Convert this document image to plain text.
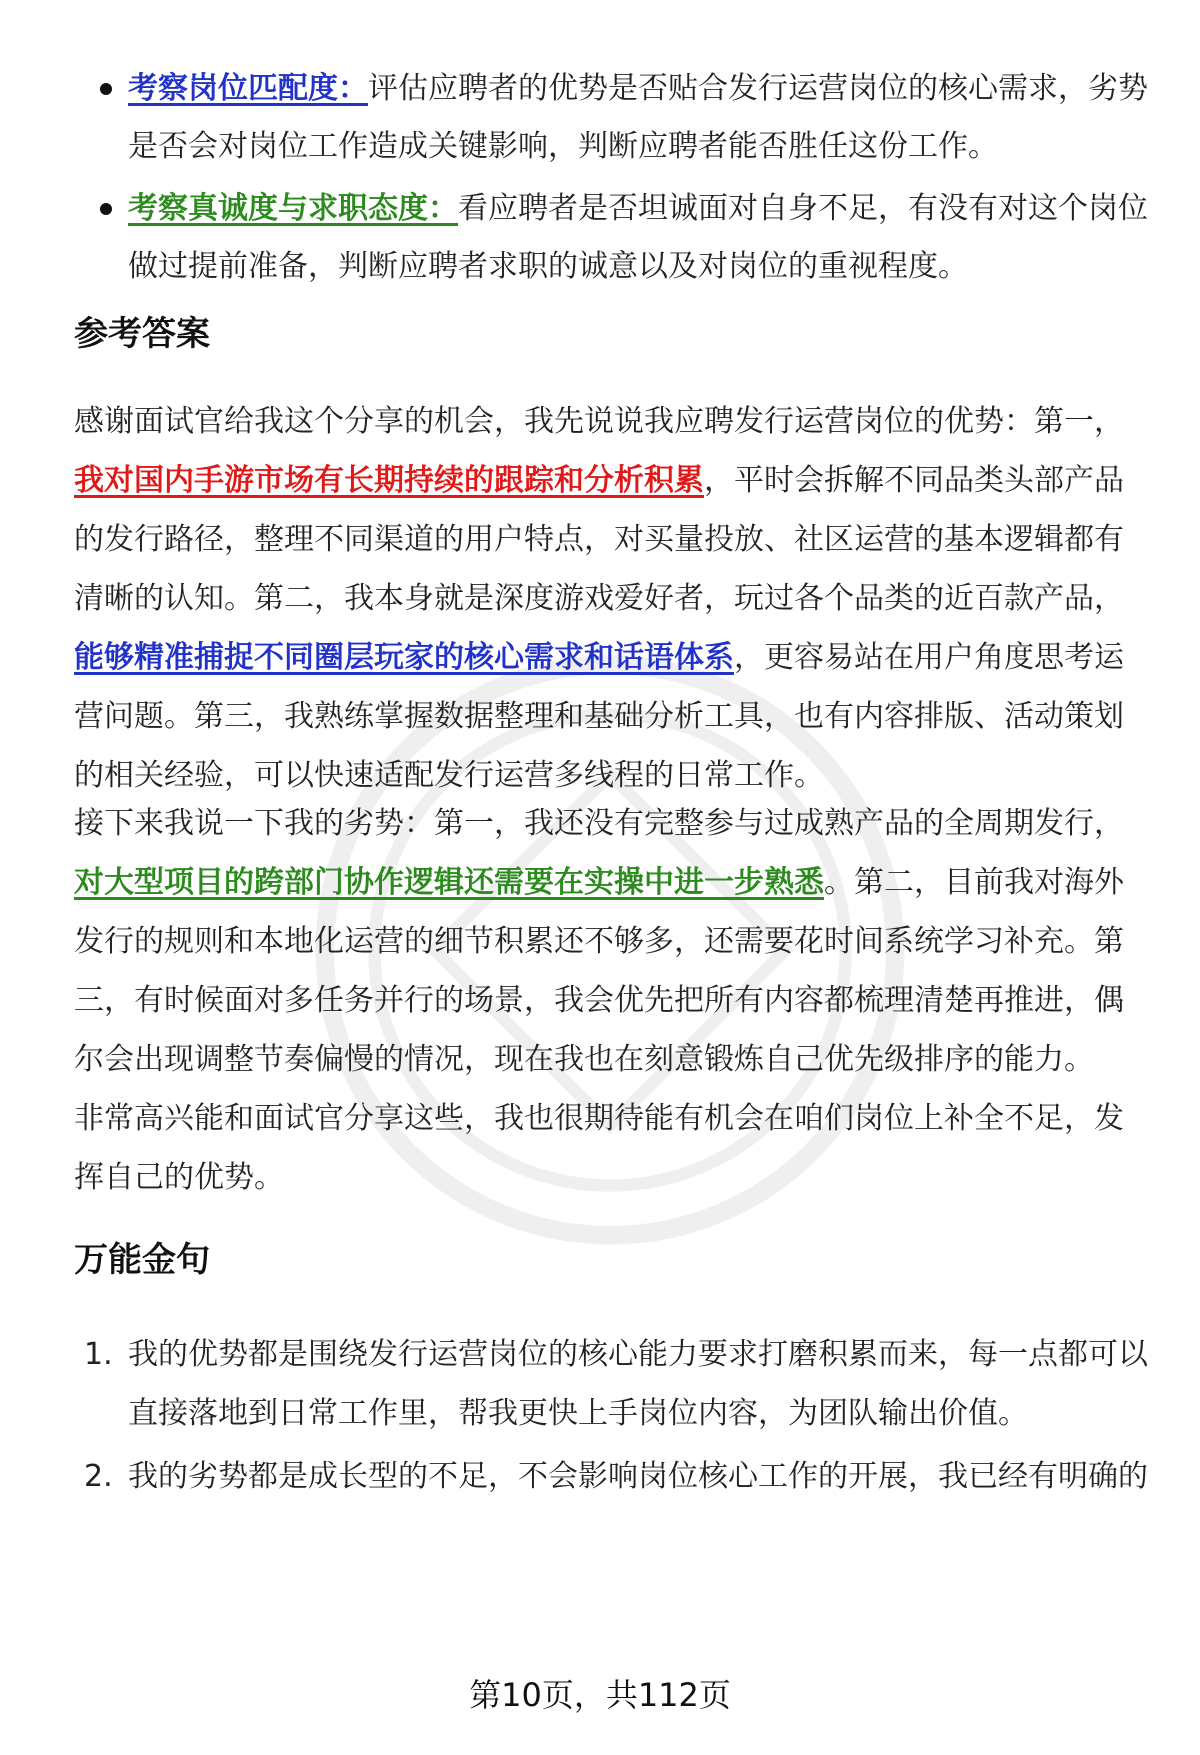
考察岗位匹配度：评估应聘者的优势是否贴合发行运营岗位的核心需求，劣势是否会对岗位工作造成关键影响，判断应聘者能否胜任这份工作。
考察真诚度与求职态度：看应聘者是否坦诚面对自身不足，有没有对这个岗位做过提前准备，判断应聘者求职的诚意以及对岗位的重视程度。
参考答案

感谢面试官给我这个分享的机会，我先说说我应聘发行运营岗位的优势：第一，我对国内手游市场有长期持续的跟踪和分析积累，平时会拆解不同品类头部产品的发行路径，整理不同渠道的用户特点，对买量投放、社区运营的基本逻辑都有清晰的认知。第二，我本身就是深度游戏爱好者，玩过各个品类的近百款产品，能够精准捕捉不同圈层玩家的核心需求和话语体系，更容易站在用户角度思考运营问题。第三，我熟练掌握数据整理和基础分析工具，也有内容排版、活动策划的相关经验，可以快速适配发行运营多线程的日常工作。

接下来我说一下我的劣势：第一，我还没有完整参与过成熟产品的全周期发行，对大型项目的跨部门协作逻辑还需要在实操中进一步熟悉。第二，目前我对海外发行的规则和本地化运营的细节积累还不够多，还需要花时间系统学习补充。第三，有时候面对多任务并行的场景，我会优先把所有内容都梳理清楚再推进，偶尔会出现调整节奏偏慢的情况，现在我也在刻意锻炼自己优先级排序的能力。

非常高兴能和面试官分享这些，我也很期待能有机会在咱们岗位上补全不足，发挥自己的优势。

万能金句
1. 我的优势都是围绕发行运营岗位的核心能力要求打磨积累而来，每一点都可以直接落地到日常工作里，帮我更快上手岗位内容，为团队输出价值。
2. 我的劣势都是成长型的不足，不会影响岗位核心工作的开展，我已经有明确的
第10页，共112页
